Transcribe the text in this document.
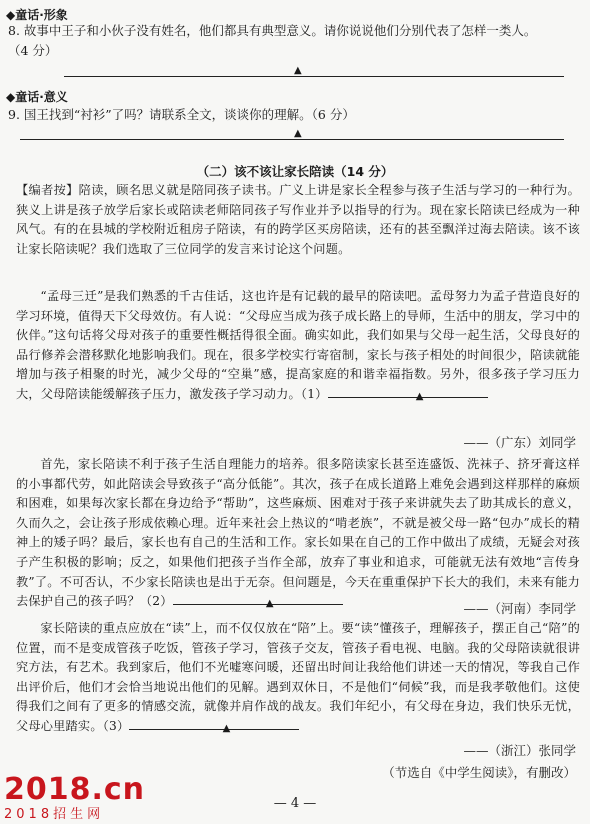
◆童话·形象
8. 故事中王子和小伙子没有姓名，他们都具有典型意义。请你说说他们分别代表了怎样一类人。
（4 分）
▲
◆童话·意义
9. 国王找到“衬衫”了吗？请联系全文，谈谈你的理解。（6 分）
▲
（二）该不该让家长陪读（14 分）
【编者按】陪读，顾名思义就是陪同孩子读书。广义上讲是家长全程参与孩子生活与学习的一种行为。狭义上讲是孩子放学后家长或陪读老师陪同孩子写作业并予以指导的行为。现在家长陪读已经成为一种风气。有的在县城的学校附近租房子陪读，有的跨学区买房陪读，还有的甚至飘洋过海去陪读。该不该让家长陪读呢？我们选取了三位同学的发言来讨论这个问题。
“孟母三迁”是我们熟悉的千古佳话，这也许是有记载的最早的陪读吧。孟母努力为孟子营造良好的学习环境，值得天下父母效仿。有人说：“父母应当成为孩子成长路上的导师，生活中的朋友，学习中的伙伴。”这句话将父母对孩子的重要性概括得很全面。确实如此，我们如果与父母一起生活，父母良好的品行修养会潜移默化地影响我们。现在，很多学校实行寄宿制，家长与孩子相处的时间很少，陪读就能增加与孩子相聚的时光，减少父母的“空巢”感，提高家庭的和谐幸福指数。另外，很多孩子学习压力大，父母陪读能缓解孩子压力，激发孩子学习动力。（1）	▲
——（广东）刘同学
首先，家长陪读不利于孩子生活自理能力的培养。很多陪读家长甚至连盛饭、洗袜子、挤牙膏这样的小事都代劳，如此陪读会导致孩子“高分低能”。其次，孩子在成长道路上难免会遇到这样那样的麻烦和困难，如果每次家长都在身边给予“帮助”，这些麻烦、困难对于孩子来讲就失去了助其成长的意义，久而久之，会让孩子形成依赖心理。近年来社会上热议的“啃老族”，不就是被父母一路“包办”成长的精神上的矮子吗？最后，家长也有自己的生活和工作。家长如果在自己的工作中做出了成绩，无疑会对孩子产生积极的影响；反之，如果他们把孩子当作全部，放弃了事业和追求，可能就无法有效地“言传身教”了。不可否认，不少家长陪读也是出于无奈。但问题是，今天在重重保护下长大的我们，未来有能力去保护自己的孩子吗？（2）	▲	——（河南）李同学
家长陪读的重点应放在“读”上，而不仅仅放在“陪”上。要“读”懂孩子，理解孩子，摆正自己“陪”的位置，而不是变成管孩子吃饭，管孩子学习，管孩子交友，管孩子看电视、电脑。我的父母陪读就很讲究方法，有艺术。我到家后，他们不光嘘寒问暖，还留出时间让我给他们讲述一天的情况，等我自己作出评价后，他们才会恰当地说出他们的见解。遇到双休日，不是他们“伺候”我，而是我孝敬他们。这使得我们之间有了更多的情感交流，就像并肩作战的战友。我们年纪小，有父母在身边，我们快乐无忧，父母心里踏实。（3）	▲
——（浙江）张同学
（节选自《中学生阅读》，有删改）
2018.cn
2018招生网
— 4 —
